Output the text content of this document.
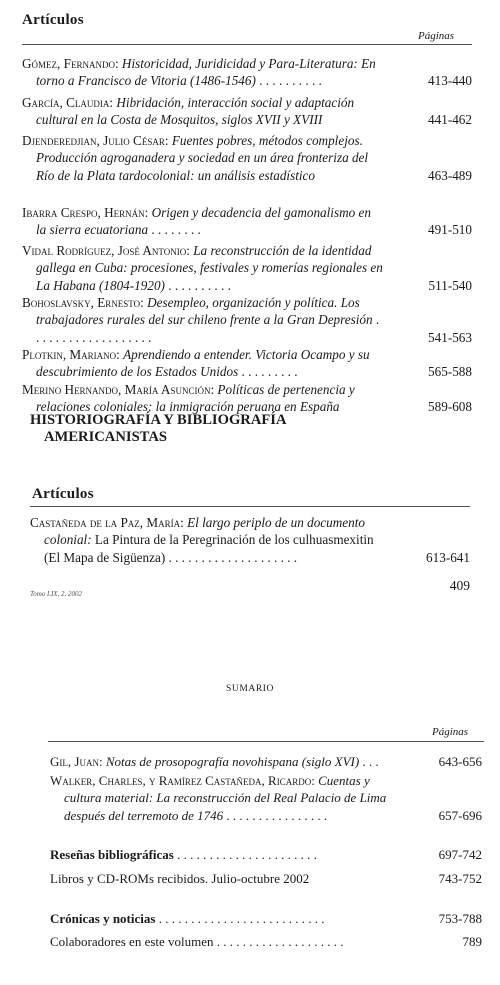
Artículos
Páginas
Gómez, Fernando: Historicidad, Juridicidad y Para-Literatura: En torno a Francisco de Vitoria (1486-1546) . . . . . . . . . .	413-440
García, Claudia: Hibridación, interacción social y adaptación cultural en la Costa de Mosquitos, siglos XVII y XVIII	441-462
Djenderedjian, Julio César: Fuentes pobres, métodos complejos. Producción agroganadera y sociedad en un área fronteriza del Río de la Plata tardocolonial: un análisis estadístico	463-489
Ibarra Crespo, Hernán: Origen y decadencia del gamonalismo en la sierra ecuatoriana . . . . . . . .	491-510
Vidal Rodríguez, José Antonio: La reconstrucción de la identidad gallega en Cuba: procesiones, festivales y romerías regionales en La Habana (1804-1920) . . . . . . . . . .	511-540
Bohoslavsky, Ernesto: Desempleo, organización y política. Los trabajadores rurales del sur chileno frente a la Gran Depresión . . . . . . . . . . . . . . . . . . .	541-563
Plotkin, Mariano: Aprendiendo a entender. Victoria Ocampo y su descubrimiento de los Estados Unidos . . . . . . . . .	565-588
Merino Hernando, María Asunción: Políticas de pertenencia y relaciones coloniales: la inmigración peruana en España	589-608
HISTORIOGRAFÍA Y BIBLIOGRAFÍA
AMERICANISTAS
Artículos
Castañeda de la Paz, María: El largo periplo de un documento colonial: La Pintura de la Peregrinación de los culhuasmexitin (El Mapa de Sigüenza) . . . . . . . . . . . . . . . . . . . .	613-641
Tomo LIX, 2, 2002
409
SUMARIO
Páginas
Gil, Juan: Notas de prosopografía novohispana (siglo XVI) . . .	643-656
Walker, Charles, y Ramírez Castañeda, Ricardo: Cuentas y cultura material: La reconstrucción del Real Palacio de Lima después del terremoto de 1746 . . . . . . . . . . . . . . . .	657-696
Reseñas bibliográficas . . . . . . . . . . . . . . . . . . . . . .	697-742
Libros y CD-ROMs recibidos. Julio-octubre 2002	743-752
Crónicas y noticias . . . . . . . . . . . . . . . . . . . . . . . . . .	753-788
Colaboradores en este volumen . . . . . . . . . . . . . . . . . . . .	789
